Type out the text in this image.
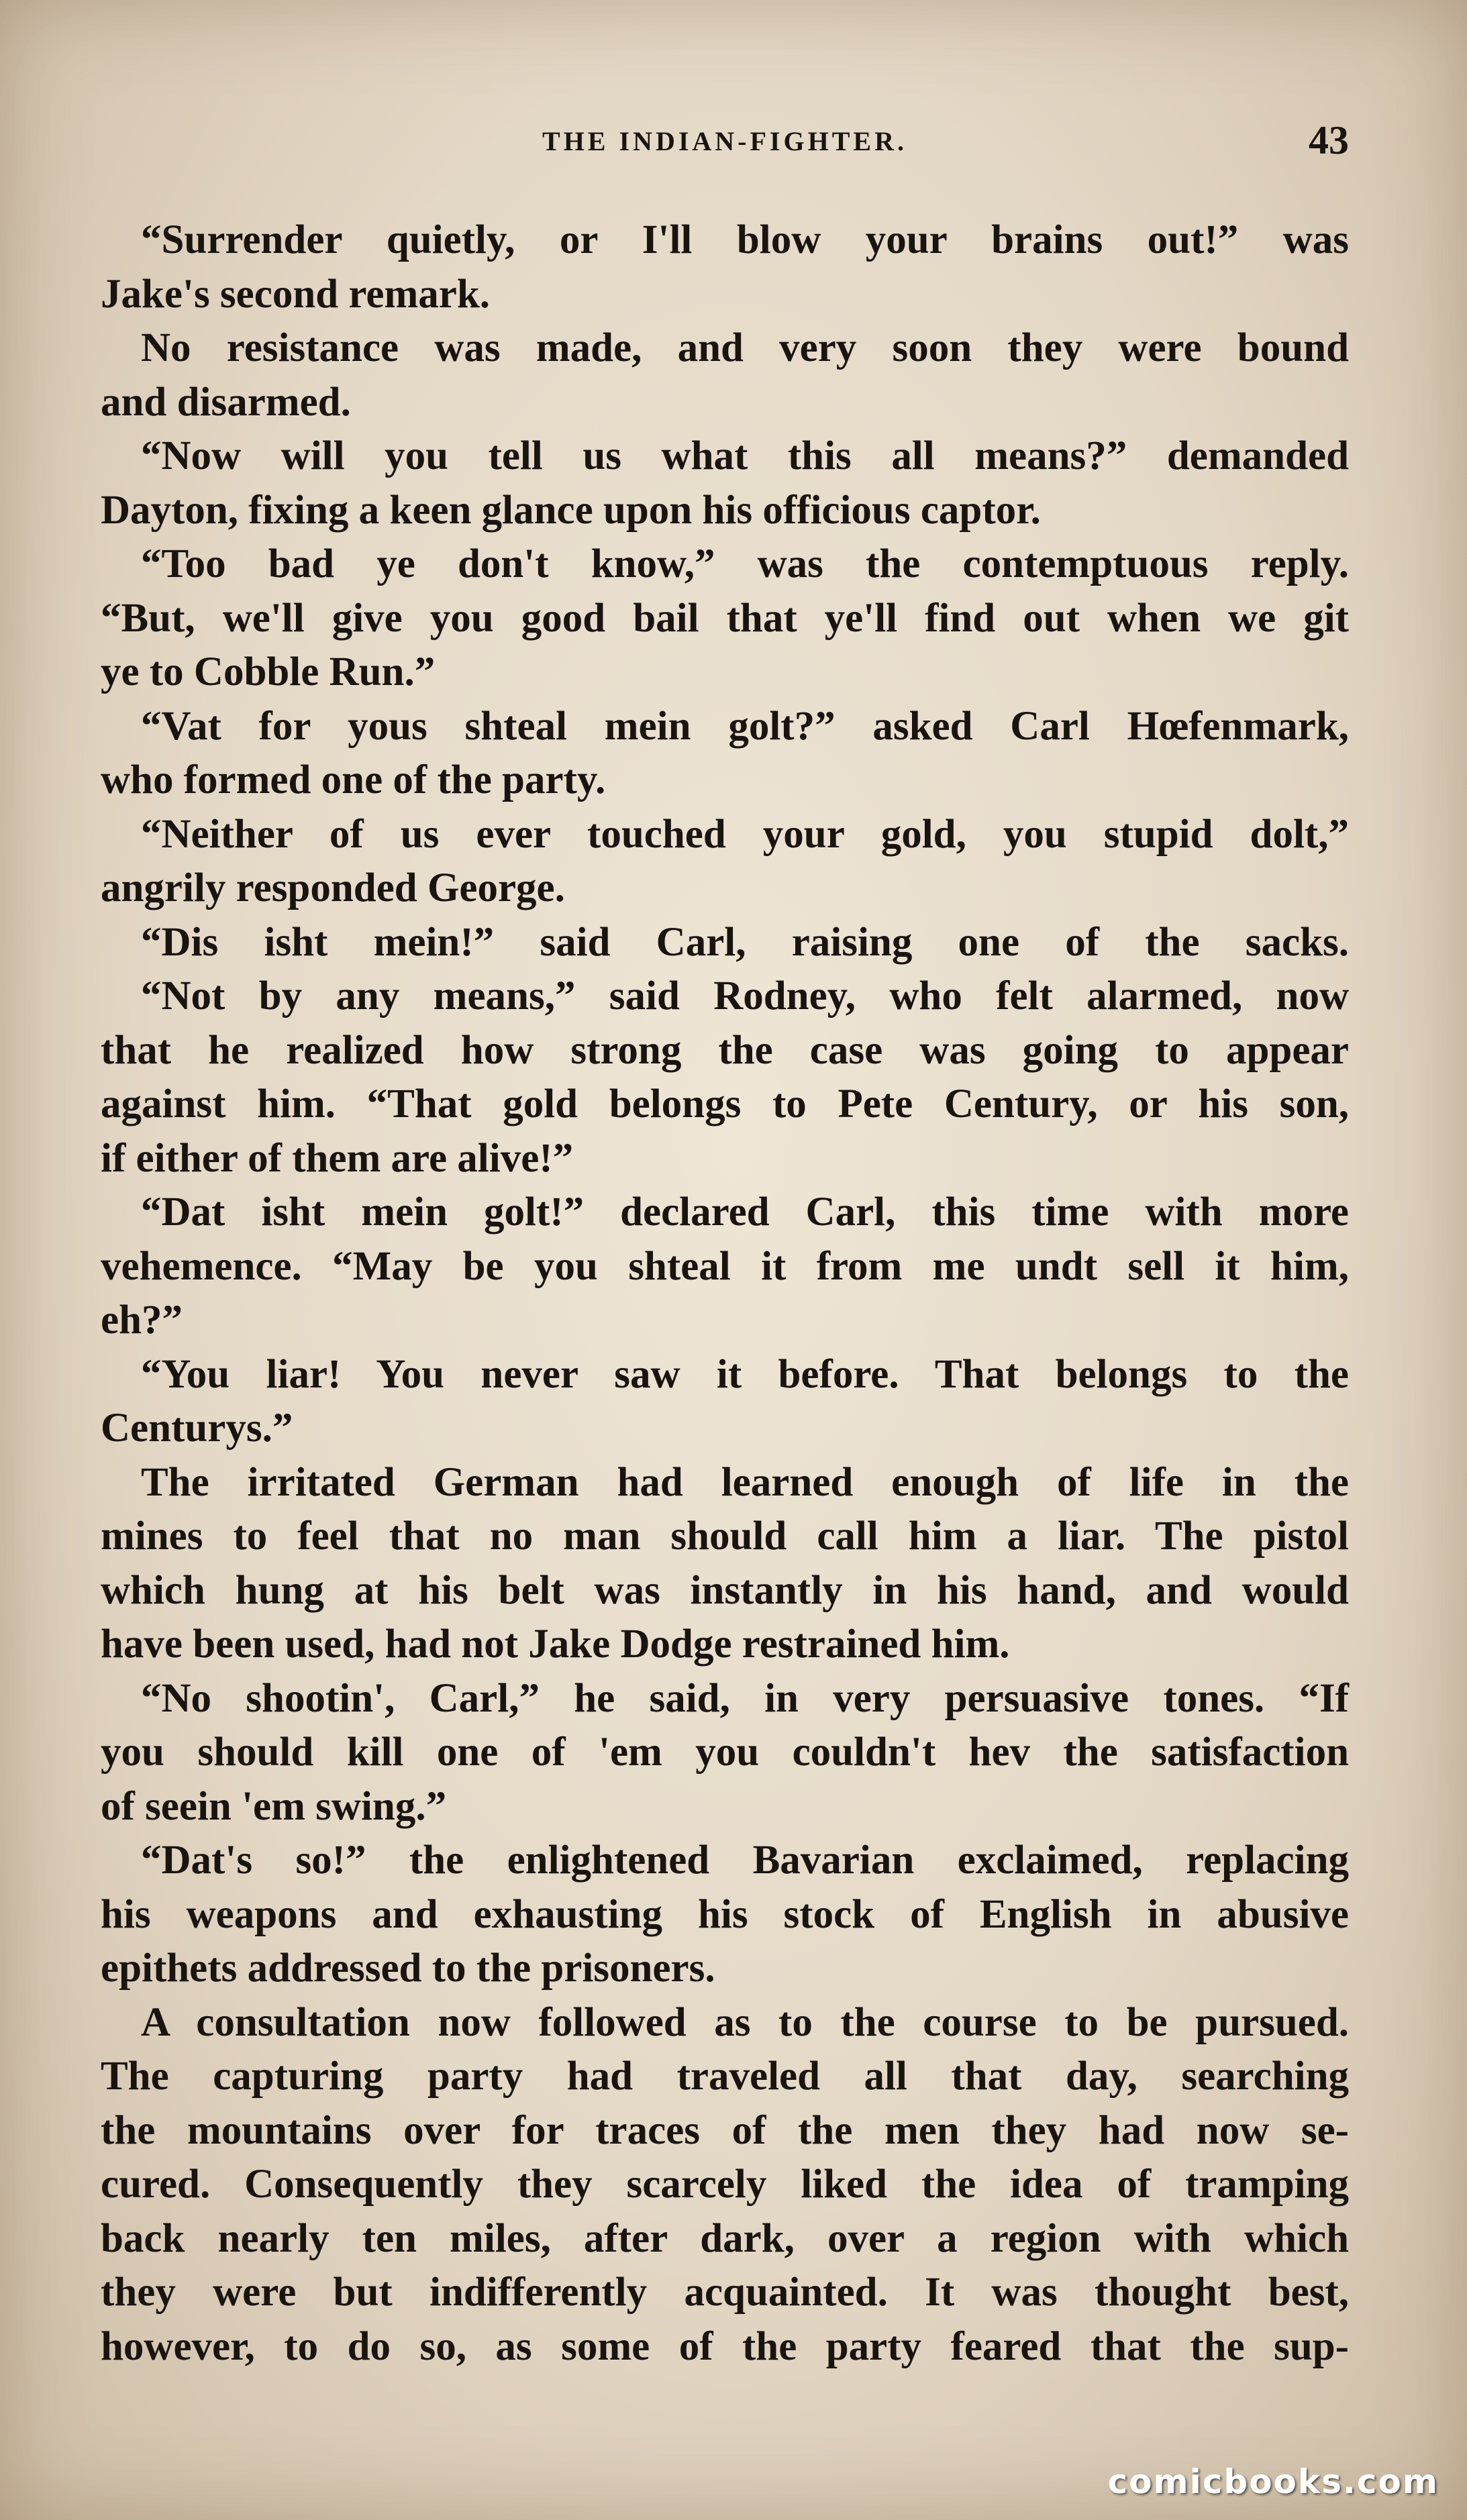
THE INDIAN-FIGHTER.	43
“Surrender quietly, or I'll blow your brains out!” was
Jake's second remark.
No resistance was made, and very soon they were bound
and disarmed.
“Now will you tell us what this all means?” demanded
Dayton, fixing a keen glance upon his officious captor.
“Too bad ye don't know,” was the contemptuous reply.
“But, we'll give you good bail that ye'll find out when we git
ye to Cobble Run.”
“Vat for yous shteal mein golt?” asked Carl Hœfenmark,
who formed one of the party.
“Neither of us ever touched your gold, you stupid dolt,”
angrily responded George.
“Dis isht mein!” said Carl, raising one of the sacks.
“Not by any means,” said Rodney, who felt alarmed, now
that he realized how strong the case was going to appear
against him. “That gold belongs to Pete Century, or his son,
if either of them are alive!”
“Dat isht mein golt!” declared Carl, this time with more
vehemence. “May be you shteal it from me undt sell it him,
eh?”
“You liar! You never saw it before. That belongs to the
Centurys.”
The irritated German had learned enough of life in the
mines to feel that no man should call him a liar. The pistol
which hung at his belt was instantly in his hand, and would
have been used, had not Jake Dodge restrained him.
“No shootin', Carl,” he said, in very persuasive tones. “If
you should kill one of 'em you couldn't hev the satisfaction
of seein 'em swing.”
“Dat's so!” the enlightened Bavarian exclaimed, replacing
his weapons and exhausting his stock of English in abusive
epithets addressed to the prisoners.
A consultation now followed as to the course to be pursued.
The capturing party had traveled all that day, searching
the mountains over for traces of the men they had now se-
cured. Consequently they scarcely liked the idea of tramping
back nearly ten miles, after dark, over a region with which
they were but indifferently acquainted. It was thought best,
however, to do so, as some of the party feared that the sup-
comicbooks.com
